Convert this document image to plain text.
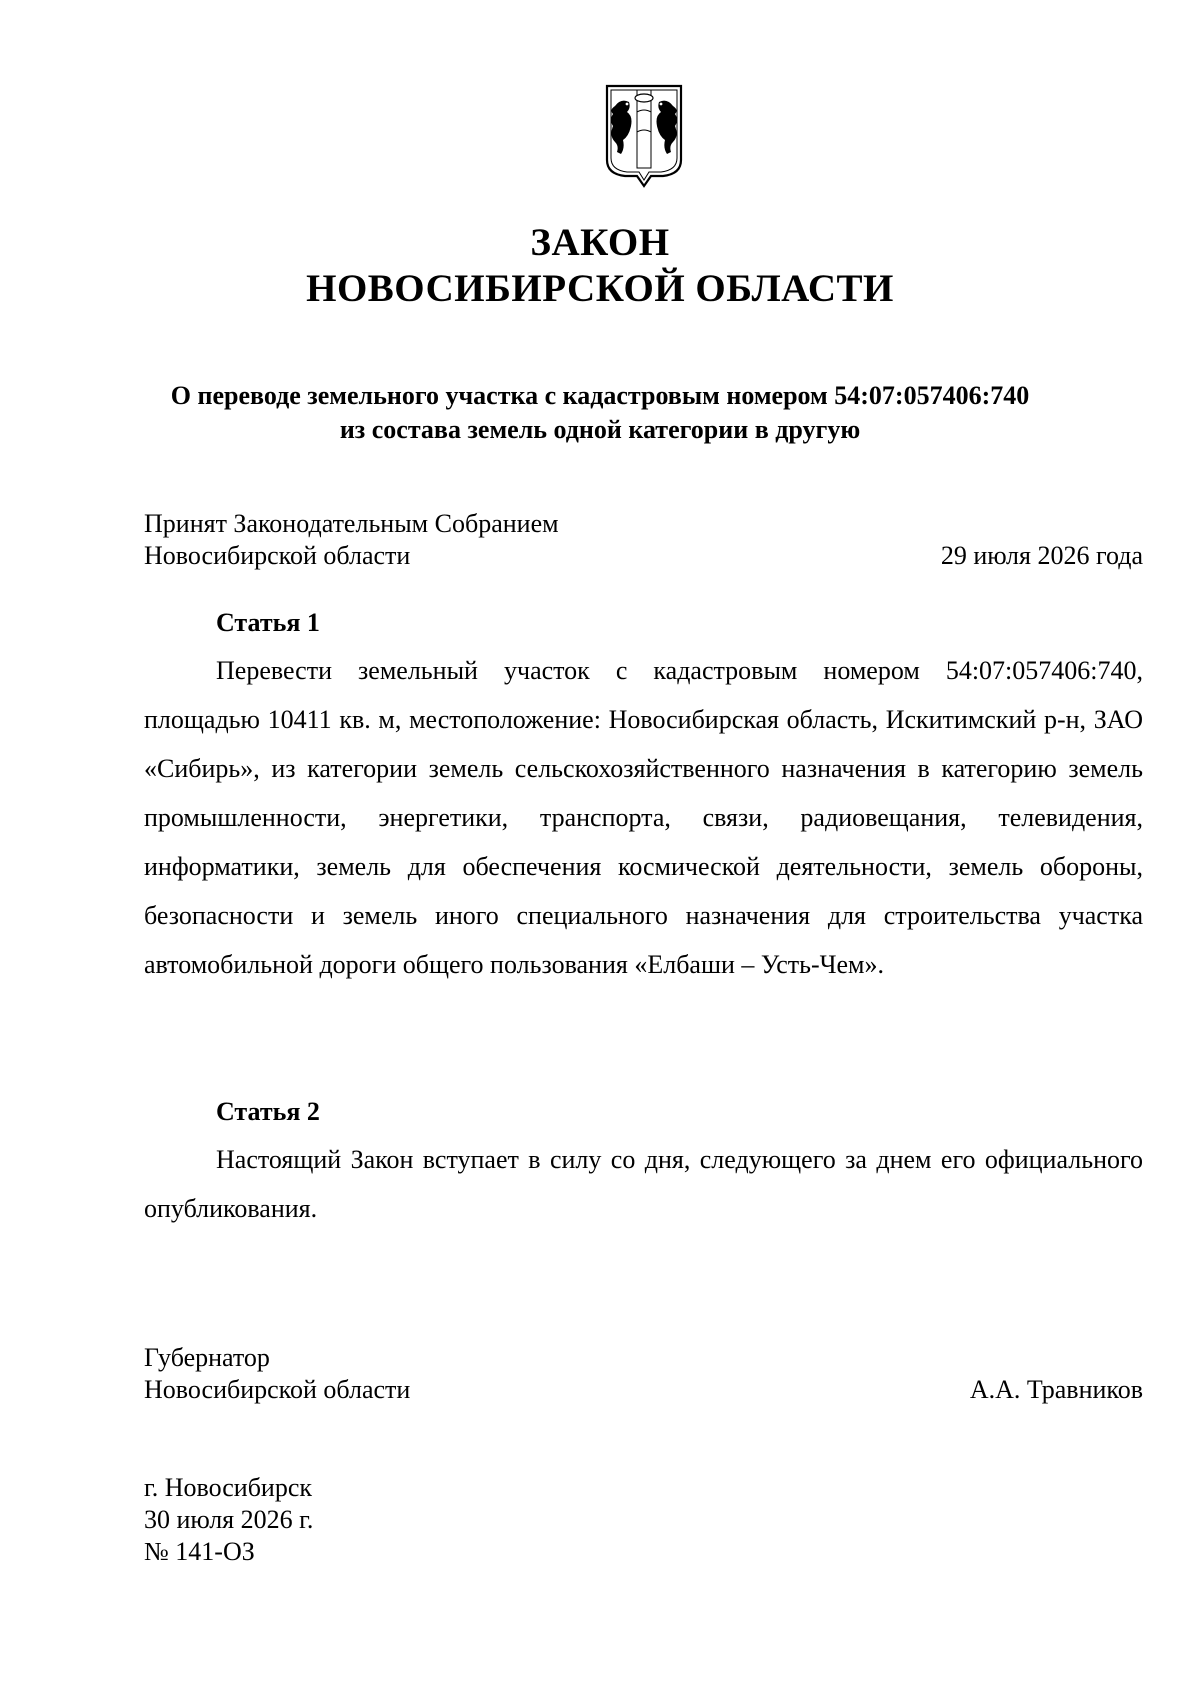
ЗАКОН
НОВОСИБИРСКОЙ ОБЛАСТИ
О переводе земельного участка с кадастровым номером 54:07:057406:740
из состава земель одной категории в другую
Принят Законодательным Собранием
Новосибирской области	29 июля 2026 года
Статья 1
Перевести земельный участок с кадастровым номером 54:07:057406:740, площадью 10411 кв. м, местоположение: Новосибирская область, Искитимский р-н, ЗАО «Сибирь», из категории земель сельскохозяйственного назначения в категорию земель промышленности, энергетики, транспорта, связи, радиовещания, телевидения, информатики, земель для обеспечения космической деятельности, земель обороны, безопасности и земель иного специального назначения для строительства участка автомобильной дороги общего пользования «Елбаши – Усть-Чем».
Статья 2
Настоящий Закон вступает в силу со дня, следующего за днем его официального опубликования.
Губернатор
Новосибирской области	А.А. Травников
г. Новосибирск
30 июля 2026 г.
№ 141-ОЗ
